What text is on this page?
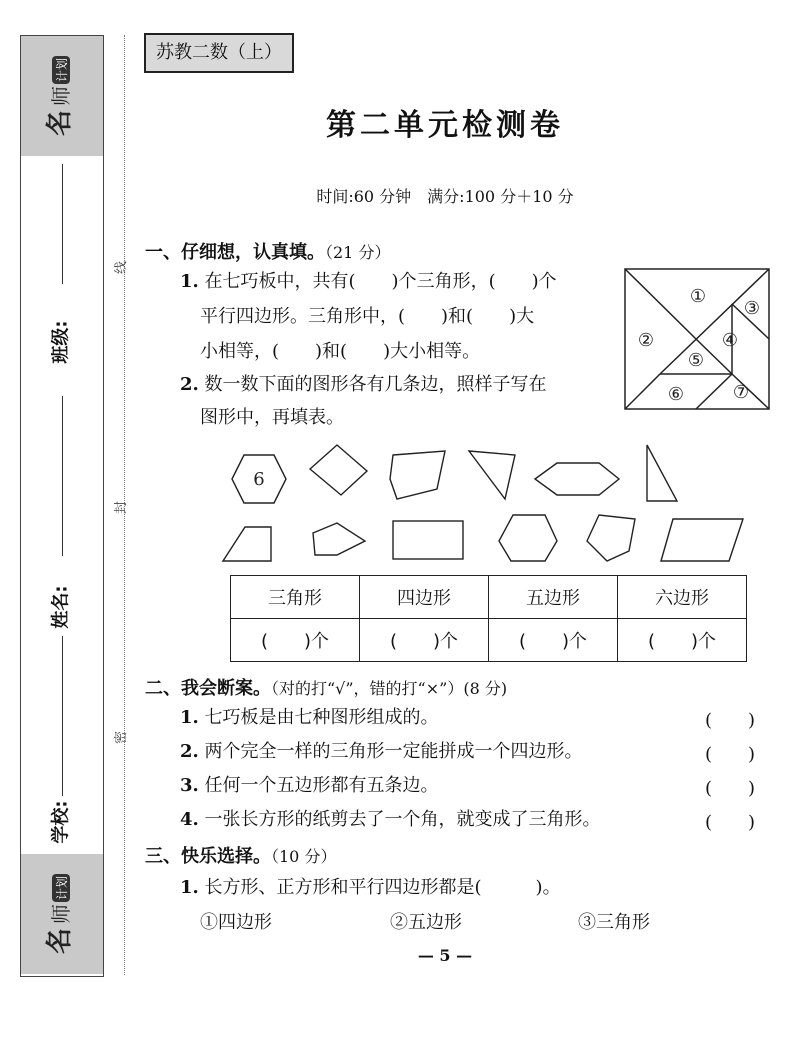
名
师
计划
班级:
姓名:
学校:
名
师
计划
线
封
密
苏教二数（上）
第二单元检测卷
时间:60 分钟　满分:100 分＋10 分
一、仔细想，认真填。（21 分）
1. 在七巧板中，共有(　　)个三角形，(　　)个
平行四边形。三角形中，(　　)和(　　)大
小相等，(　　)和(　　)大小相等。
2. 数一数下面的图形各有几条边，照样子写在
图形中，再填表。
①
②
③
④
⑤
⑥	⑦
6
三角形	四边形	五边形	六边形
(　　)个	(　　)个	(　　)个	(　　)个
二、我会断案。（对的打“√”，错的打“×”）(8 分)
1. 七巧板是由七种图形组成的。
2. 两个完全一样的三角形一定能拼成一个四边形。
3. 任何一个五边形都有五条边。
4. 一张长方形的纸剪去了一个角，就变成了三角形。
(　　)
(　　)
(　　)
(　　)
三、快乐选择。（10 分）
1. 长方形、正方形和平行四边形都是(　　　)。
①四边形	②五边形	③三角形
— 5 —
